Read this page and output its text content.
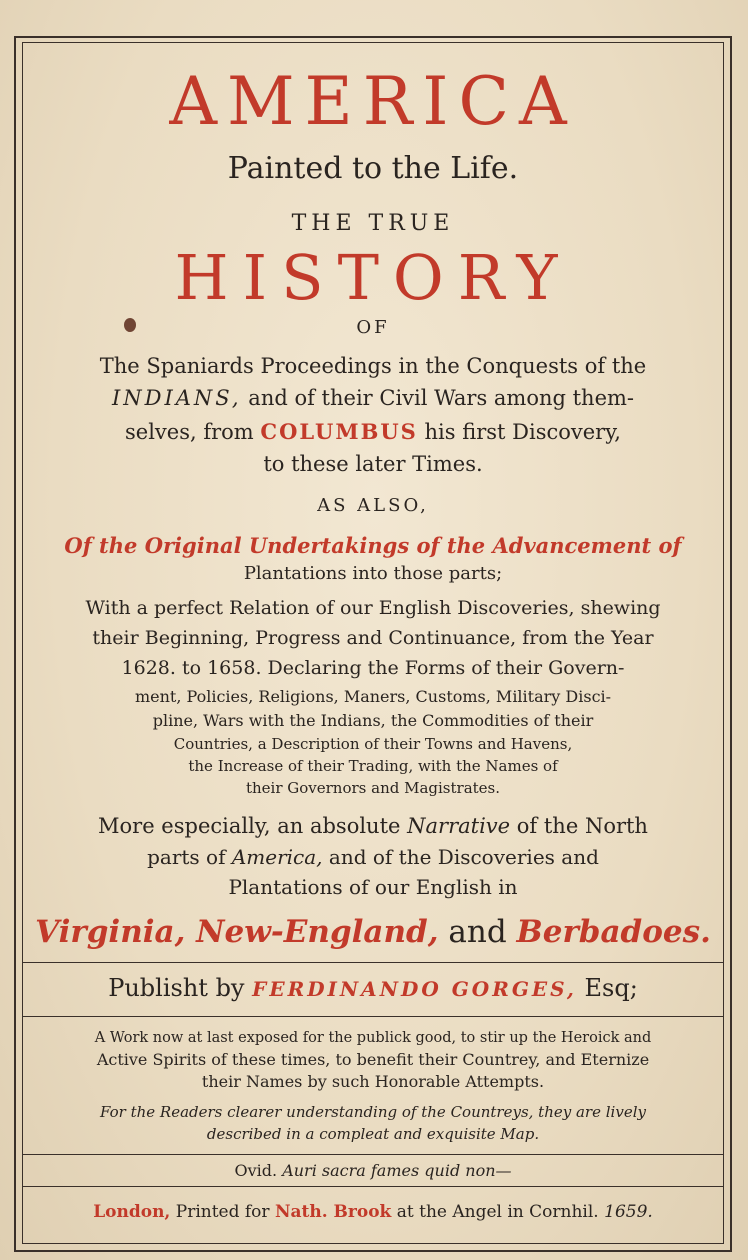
AMERICA
Painted to the Life.
THE TRUE
HISTORY
OF
The Spaniards Proceedings in the Conquests of the
INDIANS, and of their Civil Wars among them-
selves, from COLUMBUS his first Discovery,
to these later Times.
AS ALSO,
Of the Original Undertakings of the Advancement of
Plantations into those parts;
With a perfect Relation of our English Discoveries, shewing
their Beginning, Progress and Continuance, from the Year
1628. to 1658. Declaring the Forms of their Govern-
ment, Policies, Religions, Maners, Customs, Military Disci-
pline, Wars with the Indians, the Commodities of their
Countries, a Description of their Towns and Havens,
the Increase of their Trading, with the Names of
their Governors and Magistrates.
More especially, an absolute Narrative of the North
parts of America, and of the Discoveries and
Plantations of our English in
Virginia, New-England, and Berbadoes.
Publisht by FERDINANDO GORGES, Esq;
A Work now at last exposed for the publick good, to stir up the Heroick and
Active Spirits of these times, to benefit their Countrey, and Eternize
their Names by such Honorable Attempts.
For the Readers clearer understanding of the Countreys, they are lively
described in a compleat and exquisite Map.
Ovid. Auri sacra fames quid non—
London, Printed for Nath. Brook at the Angel in Cornhil. 1659.
